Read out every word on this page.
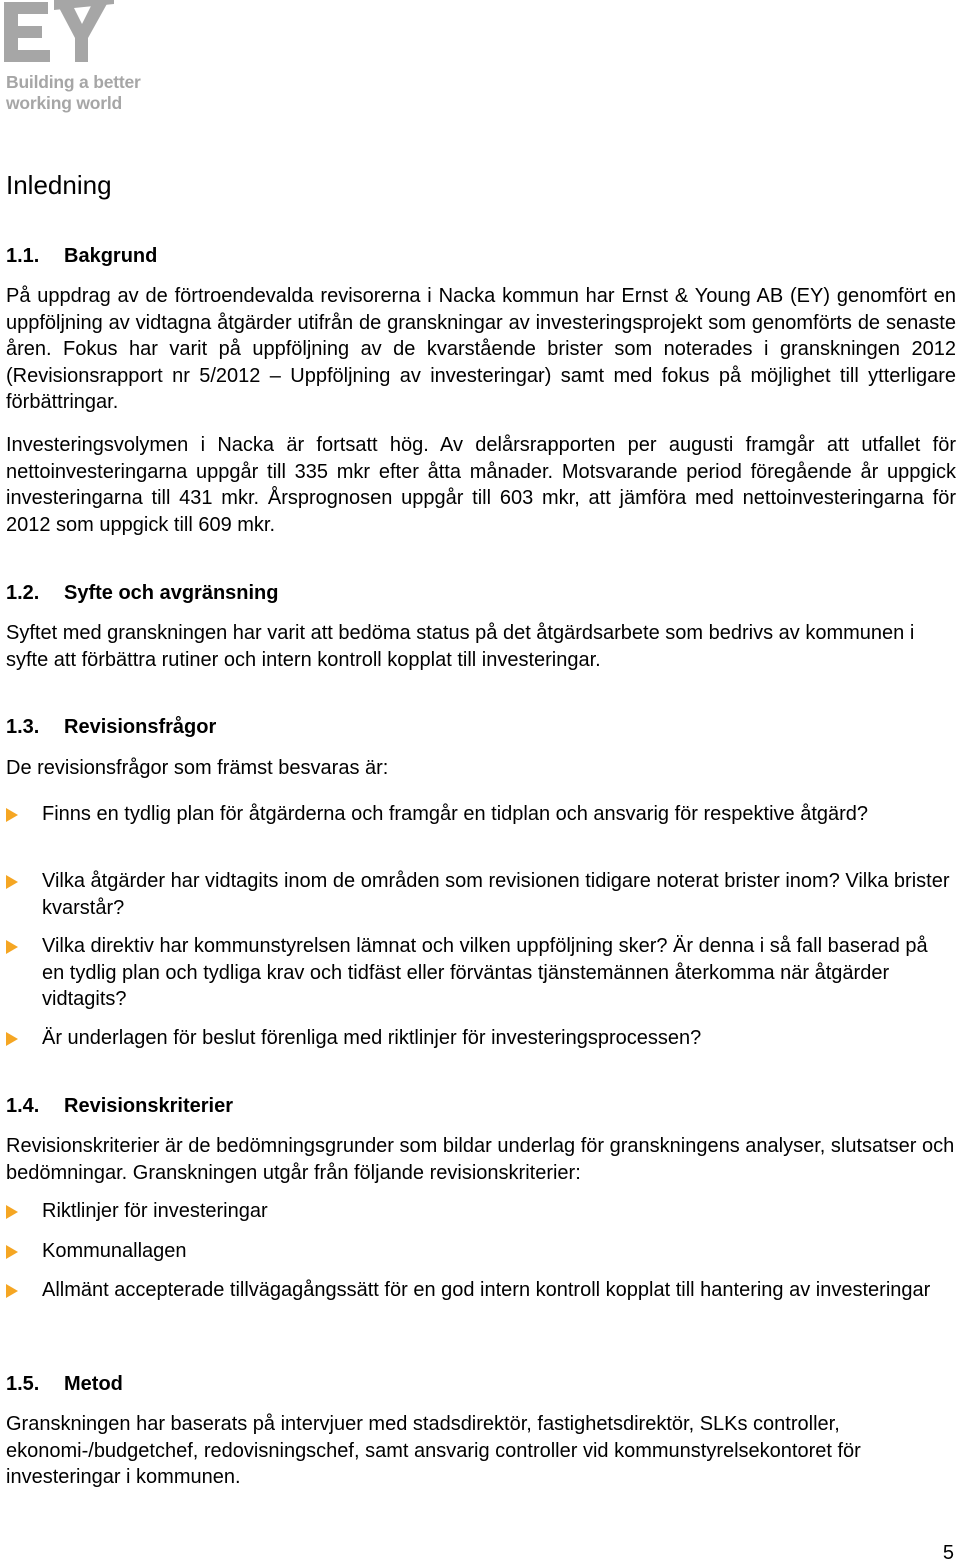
Building a better
working world
Inledning
1.1. Bakgrund
På uppdrag av de förtroendevalda revisorerna i Nacka kommun har Ernst & Young AB (EY) genomfört en uppföljning av vidtagna åtgärder utifrån de granskningar av investeringsprojekt som genomförts de senaste åren. Fokus har varit på uppföljning av de kvarstående brister som noterades i granskningen 2012 (Revisionsrapport nr 5/2012 – Uppföljning av investeringar) samt med fokus på möjlighet till ytterligare förbättringar.
Investeringsvolymen i Nacka är fortsatt hög. Av delårsrapporten per augusti framgår att utfallet för nettoinvesteringarna uppgår till 335 mkr efter åtta månader. Motsvarande period föregående år uppgick investeringarna till 431 mkr. Årsprognosen uppgår till 603 mkr, att jämföra med nettoinvesteringarna för 2012 som uppgick till 609 mkr.
1.2. Syfte och avgränsning
Syftet med granskningen har varit att bedöma status på det åtgärdsarbete som bedrivs av kommunen i syfte att förbättra rutiner och intern kontroll kopplat till investeringar.
1.3. Revisionsfrågor
De revisionsfrågor som främst besvaras är:
Finns en tydlig plan för åtgärderna och framgår en tidplan och ansvarig för respektive åtgärd?
Vilka åtgärder har vidtagits inom de områden som revisionen tidigare noterat brister inom? Vilka brister kvarstår?
Vilka direktiv har kommunstyrelsen lämnat och vilken uppföljning sker? Är denna i så fall baserad på en tydlig plan och tydliga krav och tidfäst eller förväntas tjänstemännen återkomma när åtgärder vidtagits?
Är underlagen för beslut förenliga med riktlinjer för investeringsprocessen?
1.4. Revisionskriterier
Revisionskriterier är de bedömningsgrunder som bildar underlag för granskningens analyser, slutsatser och bedömningar. Granskningen utgår från följande revisionskriterier:
Riktlinjer för investeringar
Kommunallagen
Allmänt accepterade tillvägagångssätt för en god intern kontroll kopplat till hantering av investeringar
1.5. Metod
Granskningen har baserats på intervjuer med stadsdirektör, fastighetsdirektör, SLKs controller, ekonomi-/budgetchef, redovisningschef, samt ansvarig controller vid kommunstyrelsekontoret för investeringar i kommunen.
5
